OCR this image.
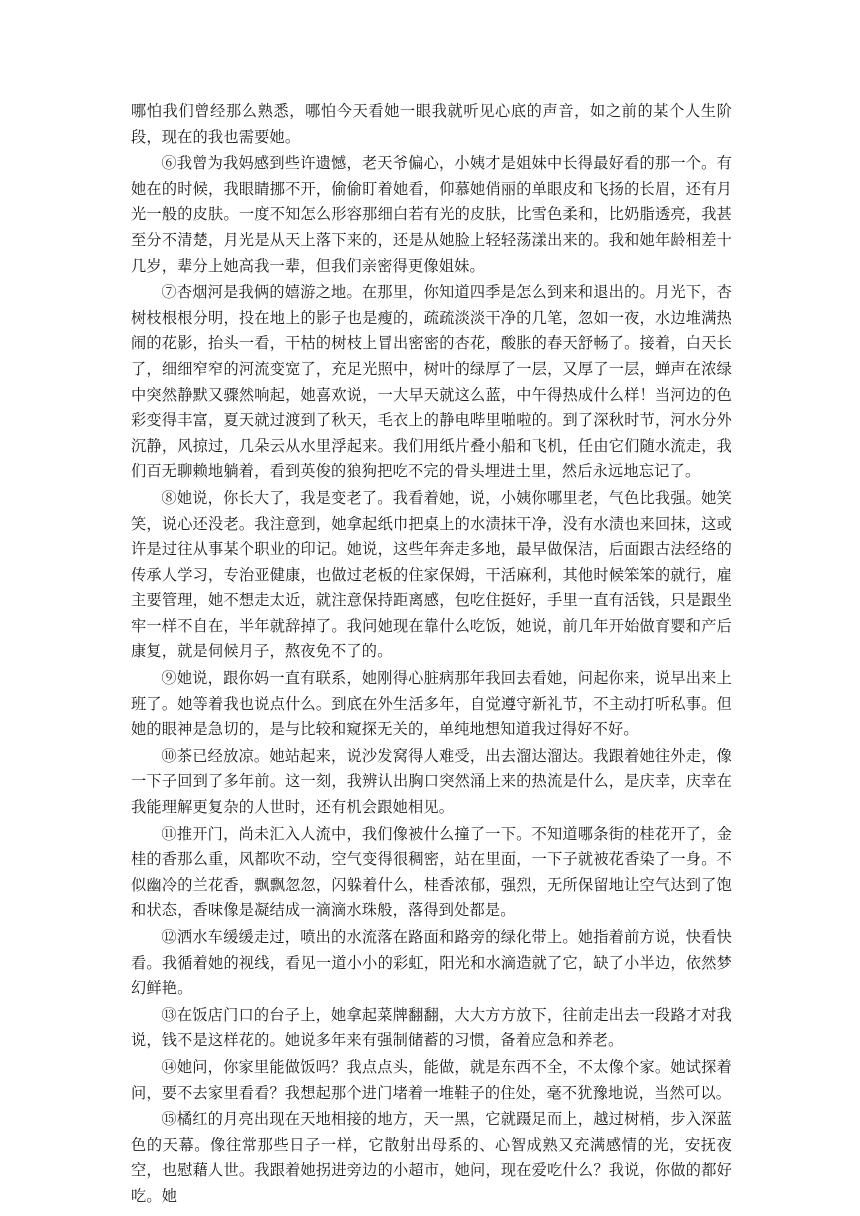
哪怕我们曾经那么熟悉，哪怕今天看她一眼我就听见心底的声音，如之前的某个人生阶段，现在的我也需要她。

⑥我曾为我妈感到些许遗憾，老天爷偏心，小姨才是姐妹中长得最好看的那一个。有她在的时候，我眼睛挪不开，偷偷盯着她看，仰慕她俏丽的单眼皮和飞扬的长眉，还有月光一般的皮肤。一度不知怎么形容那细白若有光的皮肤，比雪色柔和，比奶脂透亮，我甚至分不清楚，月光是从天上落下来的，还是从她脸上轻轻荡漾出来的。我和她年龄相差十几岁，辈分上她高我一辈，但我们亲密得更像姐妹。

⑦杏烟河是我俩的嬉游之地。在那里，你知道四季是怎么到来和退出的。月光下，杏树枝根根分明，投在地上的影子也是瘦的，疏疏淡淡干净的几笔，忽如一夜，水边堆满热闹的花影，抬头一看，干枯的树枝上冒出密密的杏花，酸胀的春天舒畅了。接着，白天长了，细细窄窄的河流变宽了，充足光照中，树叶的绿厚了一层，又厚了一层，蝉声在浓绿中突然静默又骤然响起，她喜欢说，一大早天就这么蓝，中午得热成什么样！当河边的色彩变得丰富，夏天就过渡到了秋天，毛衣上的静电哔里啪啦的。到了深秋时节，河水分外沉静，风掠过，几朵云从水里浮起来。我们用纸片叠小船和飞机，任由它们随水流走，我们百无聊赖地躺着，看到英俊的狼狗把吃不完的骨头埋进土里，然后永远地忘记了。

⑧她说，你长大了，我是变老了。我看着她，说，小姨你哪里老，气色比我强。她笑笑，说心还没老。我注意到，她拿起纸巾把桌上的水渍抹干净，没有水渍也来回抹，这或许是过往从事某个职业的印记。她说，这些年奔走多地，最早做保洁，后面跟古法经络的传承人学习，专治亚健康，也做过老板的住家保姆，干活麻利，其他时候笨笨的就行，雇主要管理，她不想走太近，就注意保持距离感，包吃住挺好，手里一直有活钱，只是跟坐牢一样不自在，半年就辞掉了。我问她现在靠什么吃饭，她说，前几年开始做育婴和产后康复，就是伺候月子，熬夜免不了的。

⑨她说，跟你妈一直有联系，她刚得心脏病那年我回去看她，问起你来，说早出来上班了。她等着我也说点什么。到底在外生活多年，自觉遵守新礼节，不主动打听私事。但她的眼神是急切的，是与比较和窥探无关的，单纯地想知道我过得好不好。

⑩茶已经放凉。她站起来，说沙发窝得人难受，出去溜达溜达。我跟着她往外走，像一下子回到了多年前。这一刻，我辨认出胸口突然涌上来的热流是什么，是庆幸，庆幸在我能理解更复杂的人世时，还有机会跟她相见。

⑪推开门，尚未汇入人流中，我们像被什么撞了一下。不知道哪条街的桂花开了，金桂的香那么重，风都吹不动，空气变得很稠密，站在里面，一下子就被花香染了一身。不似幽冷的兰花香，飘飘忽忽，闪躲着什么，桂香浓郁，强烈，无所保留地让空气达到了饱和状态，香味像是凝结成一滴滴水珠般，落得到处都是。

⑫洒水车缓缓走过，喷出的水流落在路面和路旁的绿化带上。她指着前方说，快看快看。我循着她的视线，看见一道小小的彩虹，阳光和水滴造就了它，缺了小半边，依然梦幻鲜艳。

⑬在饭店门口的台子上，她拿起菜牌翻翻，大大方方放下，往前走出去一段路才对我说，钱不是这样花的。她说多年来有强制储蓄的习惯，备着应急和养老。

⑭她问，你家里能做饭吗？我点点头，能做，就是东西不全，不太像个家。她试探着问，要不去家里看看？我想起那个进门堵着一堆鞋子的住处，毫不犹豫地说，当然可以。

⑮橘红的月亮出现在天地相接的地方，天一黑，它就蹑足而上，越过树梢，步入深蓝色的天幕。像往常那些日子一样，它散射出母系的、心智成熟又充满感情的光，安抚夜空，也慰藉人世。我跟着她拐进旁边的小超市，她问，现在爱吃什么？我说，你做的都好吃。她
